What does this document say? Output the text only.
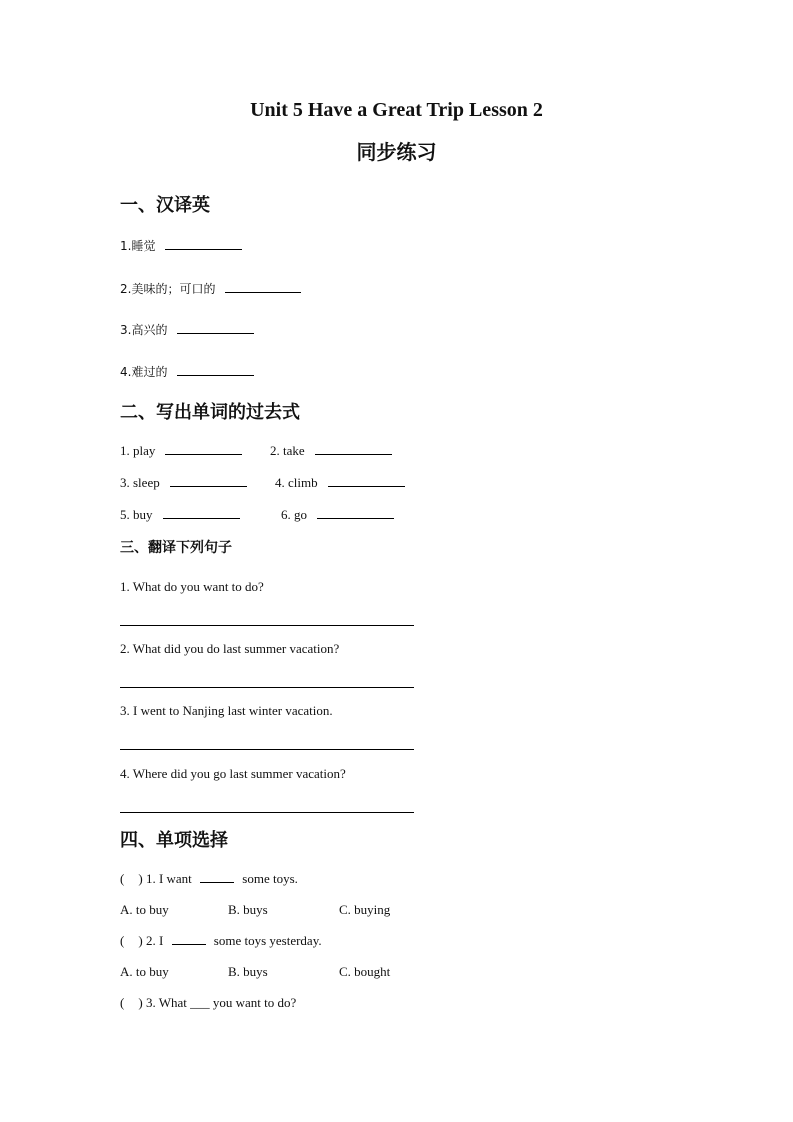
Unit 5 Have a Great Trip Lesson 2
同步练习
一、汉译英
1.睡觉
2.美味的；可口的
3.高兴的
4.难过的
二、写出单词的过去式
1. play	2. take
3. sleep	4. climb
5. buy	6. go
三、翻译下列句子
1. What do you want to do?
2. What did you do last summer vacation?
3. I went to Nanjing last winter vacation.
4. Where did you go last summer vacation?
四、单项选择
( ) 1. I want	some toys.
A. to buy	B. buys	C. buying
( ) 2. I	some toys yesterday.
A. to buy	B. buys	C. bought
( ) 3. What ___ you want to do?
